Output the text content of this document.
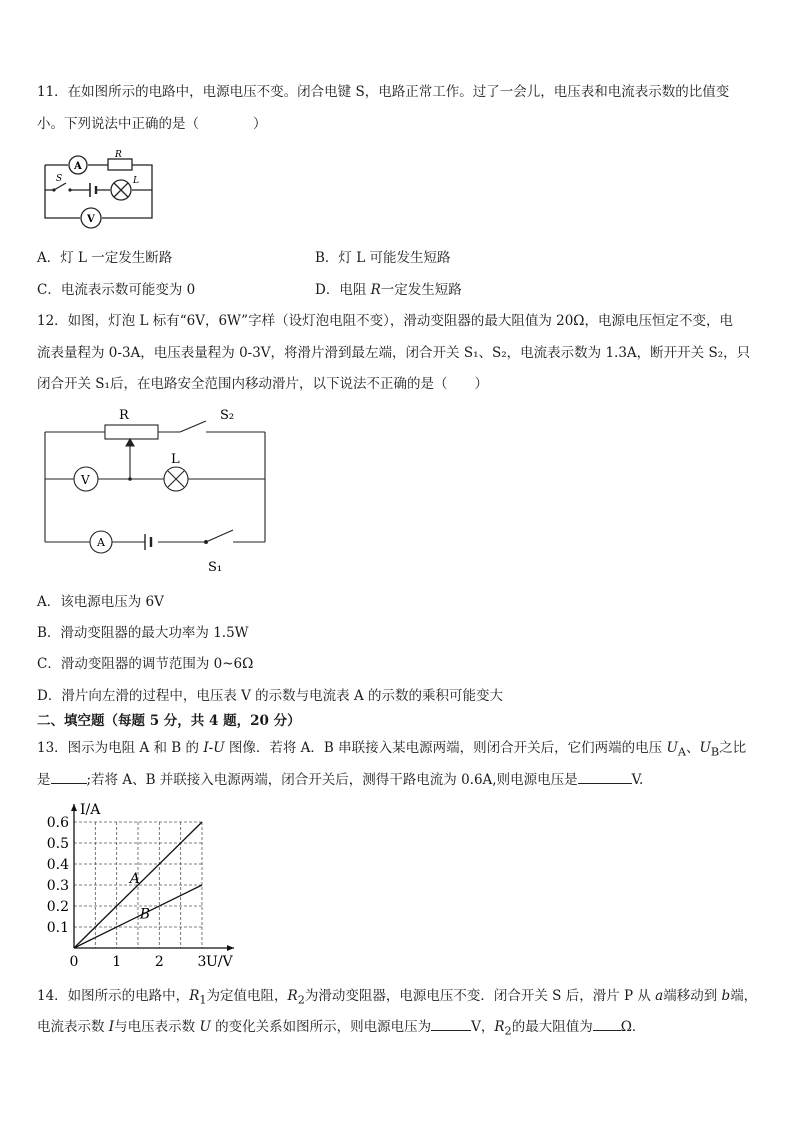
11．在如图所示的电路中，电源电压不变。闭合电键 S，电路正常工作。过了一会儿，电压表和电流表示数的比值变
小。下列说法中正确的是（　　　　）
A
R
S	L
V
A．灯 L 一定发生断路	B．灯 L 可能发生短路
C．电流表示数可能变为 0	D．电阻 R一定发生短路
12．如图，灯泡 L 标有“6V，6W”字样（设灯泡电阻不变），滑动变阻器的最大阻值为 20Ω，电源电压恒定不变，电
流表量程为 0-3A，电压表量程为 0-3V，将滑片滑到最左端，闭合开关 S₁、S₂，电流表示数为 1.3A，断开开关 S₂，只
闭合开关 S₁后，在电路安全范围内移动滑片，以下说法不正确的是（　　）
R	S₂
V
L
A
S₁
A．该电源电压为 6V
B．滑动变阻器的最大功率为 1.5W
C．滑动变阻器的调节范围为 0~6Ω
D．滑片向左滑的过程中，电压表 V 的示数与电流表 A 的示数的乘积可能变大
二、填空题（每题 5 分，共 4 题，20 分）
13．图示为电阻 A 和 B 的 I-U 图像．若将 A．B 串联接入某电源两端，则闭合开关后，它们两端的电压 $U_A$、$U_B$之比
是	;若将 A、B 并联接入电源两端，闭合开关后，测得干路电流为 0.6A,则电源电压是	V.
0.1
0.2
0.3
0.4
0.5
0.6
0 1 2 3
I/A
U/V
A
B
14．如图所示的电路中，$R_1$为定值电阻，$R_2$为滑动变阻器，电源电压不变．闭合开关 S 后，滑片 P 从 a端移动到 b端，
电流表示数 I与电压表示数 U 的变化关系如图所示，则电源电压为	V，$R_2$的最大阻值为 Ω．
